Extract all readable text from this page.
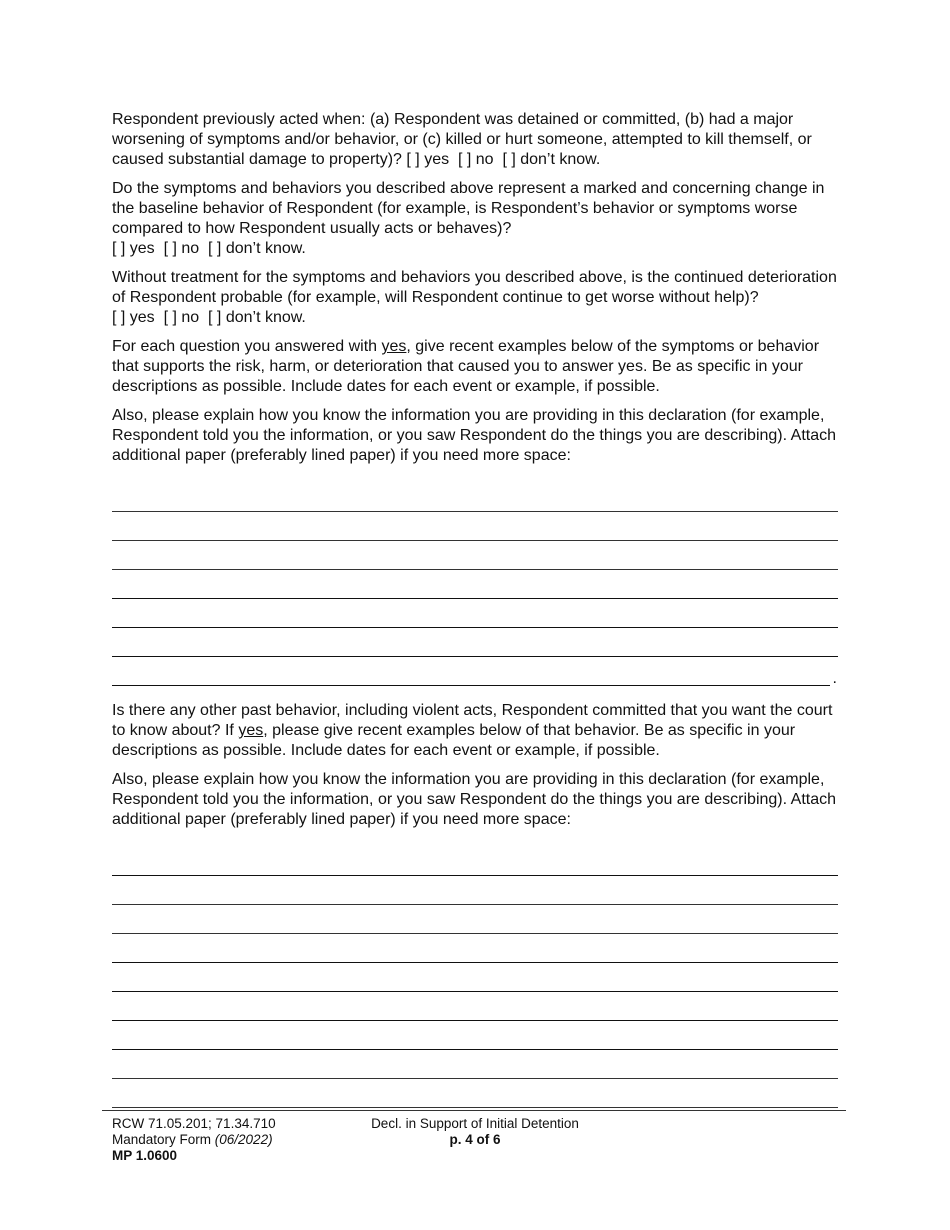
Respondent previously acted when: (a) Respondent was detained or committed, (b) had a major worsening of symptoms and/or behavior, or (c) killed or hurt someone, attempted to kill themself, or caused substantial damage to property)? [ ] yes  [ ] no  [ ] don’t know.

Do the symptoms and behaviors you described above represent a marked and concerning change in the baseline behavior of Respondent (for example, is Respondent’s behavior or symptoms worse compared to how Respondent usually acts or behaves)?
[ ] yes  [ ] no  [ ] don’t know.

Without treatment for the symptoms and behaviors you described above, is the continued deterioration of Respondent probable (for example, will Respondent continue to get worse without help)? [ ] yes  [ ] no  [ ] don’t know.

For each question you answered with yes, give recent examples below of the symptoms or behavior that supports the risk, harm, or deterioration that caused you to answer yes. Be as specific in your descriptions as possible. Include dates for each event or example, if possible.

Also, please explain how you know the information you are providing in this declaration (for example, Respondent told you the information, or you saw Respondent do the things you are describing). Attach additional paper (preferably lined paper) if you need more space:

.

Is there any other past behavior, including violent acts, Respondent committed that you want the court to know about? If yes, please give recent examples below of that behavior. Be as specific in your descriptions as possible. Include dates for each event or example, if possible.

Also, please explain how you know the information you are providing in this declaration (for example, Respondent told you the information, or you saw Respondent do the things you are describing). Attach additional paper (preferably lined paper) if you need more space:

RCW 71.05.201; 71.34.710
Mandatory Form (06/2022)
MP 1.0600
Decl. in Support of Initial Detention
p. 4 of 6
